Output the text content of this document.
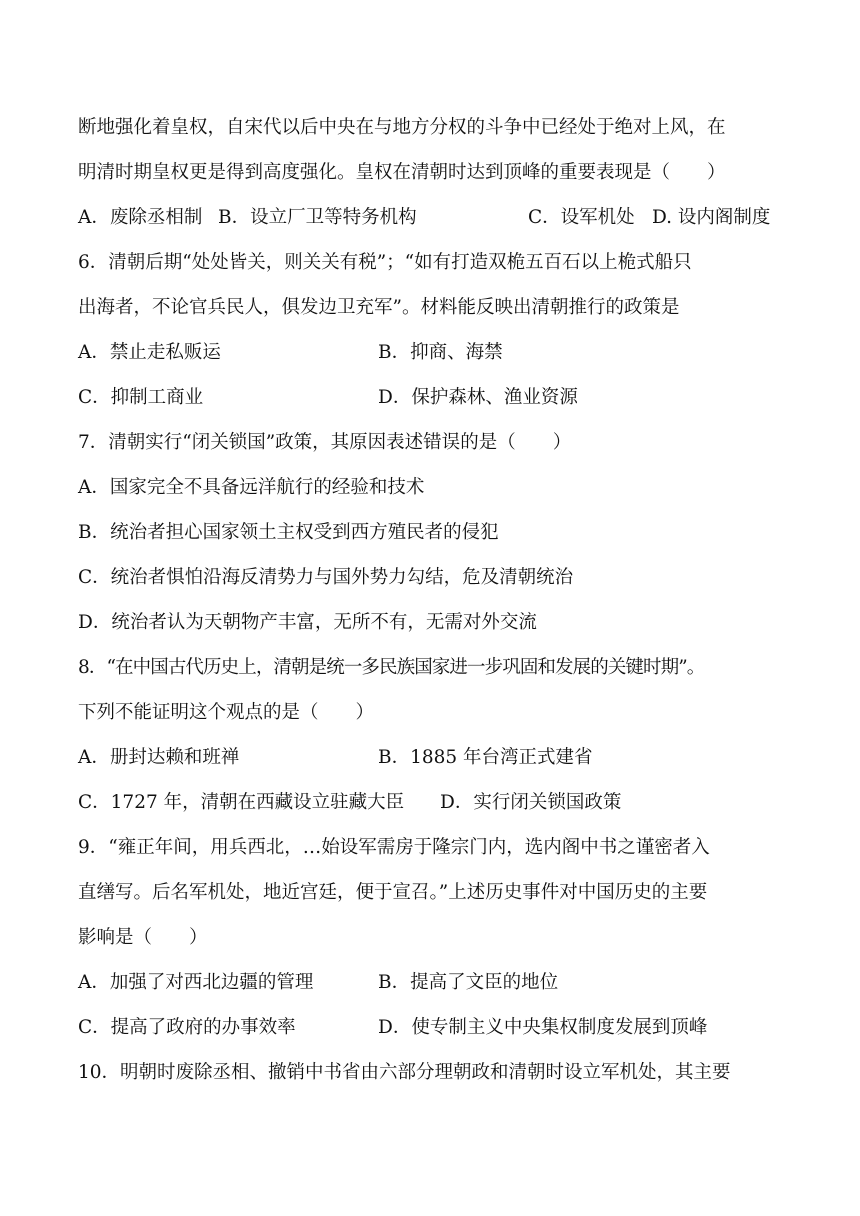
断地强化着皇权，自宋代以后中央在与地方分权的斗争中已经处于绝对上风，在
明清时期皇权更是得到高度强化。皇权在清朝时达到顶峰的重要表现是（　　）
A．废除丞相制 B．设立厂卫等特务机构	C．设军机处 D. 设内阁制度
6．清朝后期“处处皆关，则关关有税”；“如有打造双桅五百石以上桅式船只
出海者，不论官兵民人，俱发边卫充军”。材料能反映出清朝推行的政策是
A．禁止走私贩运	B．抑商、海禁
C．抑制工商业	D．保护森林、渔业资源
7．清朝实行“闭关锁国”政策，其原因表述错误的是（　　）
A．国家完全不具备远洋航行的经验和技术
B．统治者担心国家领土主权受到西方殖民者的侵犯
C．统治者惧怕沿海反清势力与国外势力勾结，危及清朝统治
D．统治者认为天朝物产丰富，无所不有，无需对外交流
8．“在中国古代历史上，清朝是统一多民族国家进一步巩固和发展的关键时期”。
下列不能证明这个观点的是（　　）
A．册封达赖和班禅	B．1885 年台湾正式建省
C．1727 年，清朝在西藏设立驻藏大臣 D．实行闭关锁国政策
9．“雍正年间，用兵西北，…始设军需房于隆宗门内，选内阁中书之谨密者入
直缮写。后名军机处，地近宫廷，便于宣召。”上述历史事件对中国历史的主要
影响是（　　）
A．加强了对西北边疆的管理	B．提高了文臣的地位
C．提高了政府的办事效率	D．使专制主义中央集权制度发展到顶峰
10．明朝时废除丞相、撤销中书省由六部分理朝政和清朝时设立军机处，其主要
